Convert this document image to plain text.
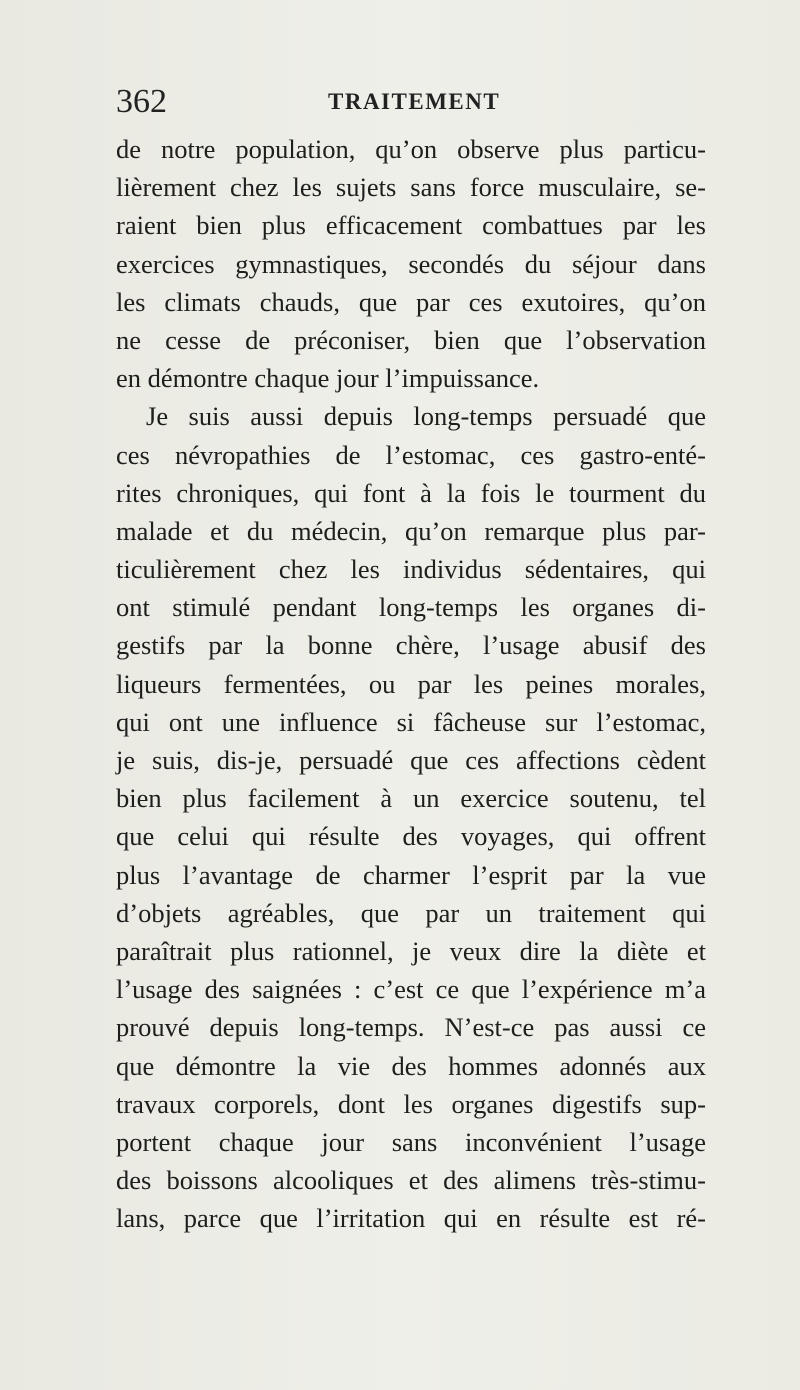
362	TRAITEMENT
de notre population, qu’on observe plus particu-
lièrement chez les sujets sans force musculaire, se-
raient bien plus efficacement combattues par les
exercices gymnastiques, secondés du séjour dans
les climats chauds, que par ces exutoires, qu’on
ne cesse de préconiser, bien que l’observation
en démontre chaque jour l’impuissance.
Je suis aussi depuis long-temps persuadé que
ces névropathies de l’estomac, ces gastro-enté-
rites chroniques, qui font à la fois le tourment du
malade et du médecin, qu’on remarque plus par-
ticulièrement chez les individus sédentaires, qui
ont stimulé pendant long-temps les organes di-
gestifs par la bonne chère, l’usage abusif des
liqueurs fermentées, ou par les peines morales,
qui ont une influence si fâcheuse sur l’estomac,
je suis, dis-je, persuadé que ces affections cèdent
bien plus facilement à un exercice soutenu, tel
que celui qui résulte des voyages, qui offrent
plus l’avantage de charmer l’esprit par la vue
d’objets agréables, que par un traitement qui
paraîtrait plus rationnel, je veux dire la diète et
l’usage des saignées : c’est ce que l’expérience m’a
prouvé depuis long-temps. N’est-ce pas aussi ce
que démontre la vie des hommes adonnés aux
travaux corporels, dont les organes digestifs sup-
portent chaque jour sans inconvénient l’usage
des boissons alcooliques et des alimens très-stimu-
lans, parce que l’irritation qui en résulte est ré-
